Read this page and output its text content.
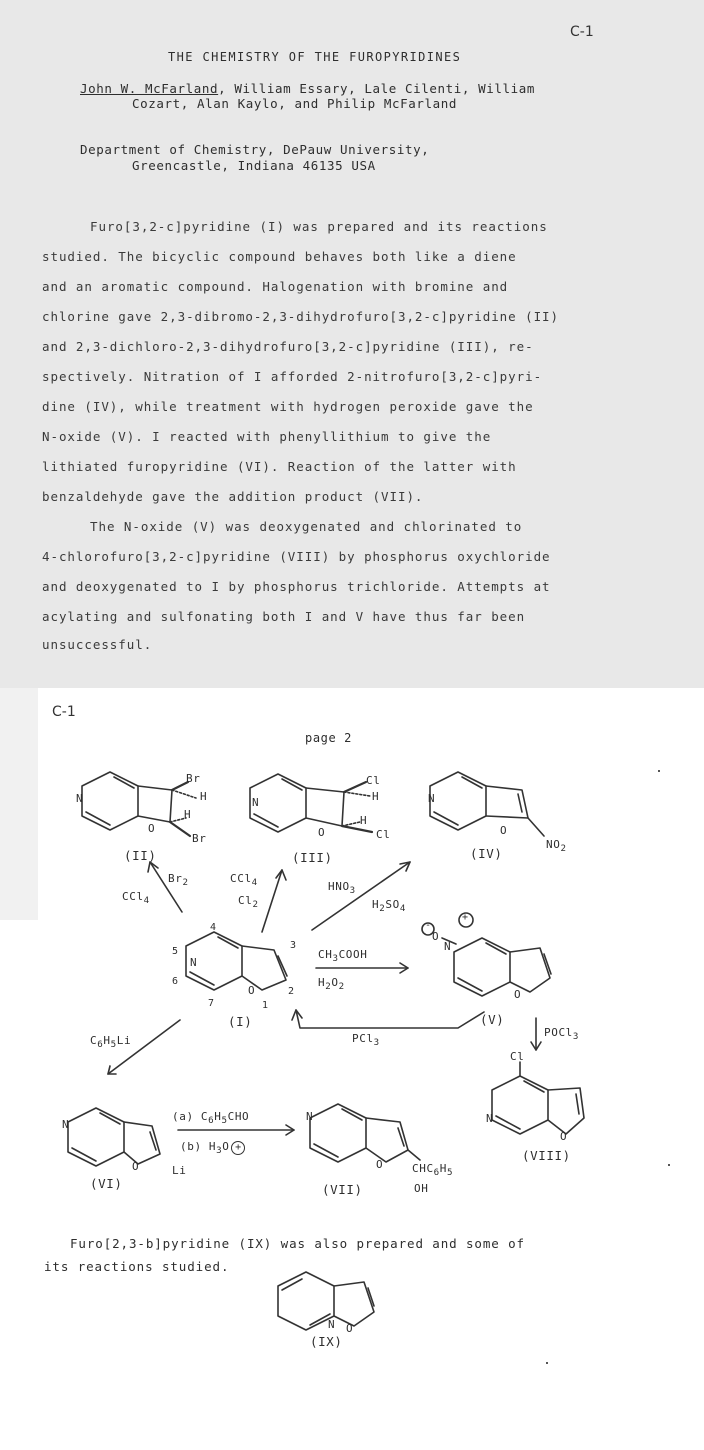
C-1
THE CHEMISTRY OF THE FUROPYRIDINES
John W. McFarland, William Essary, Lale Cilenti, William
Cozart, Alan Kaylo, and Philip McFarland
Department of Chemistry, DePauw University,
Greencastle, Indiana 46135 USA
Furo[3,2-c]pyridine (I) was prepared and its reactions
studied. The bicyclic compound behaves both like a diene
and an aromatic compound. Halogenation with bromine and
chlorine gave 2,3-dibromo-2,3-dihydrofuro[3,2-c]pyridine (II)
and 2,3-dichloro-2,3-dihydrofuro[3,2-c]pyridine (III), re-
spectively. Nitration of I afforded 2-nitrofuro[3,2-c]pyri-
dine (IV), while treatment with hydrogen peroxide gave the
N-oxide (V). I reacted with phenyllithium to give the
lithiated furopyridine (VI). Reaction of the latter with
benzaldehyde gave the addition product (VII).
The N-oxide (V) was deoxygenated and chlorinated to
4-chlorofuro[3,2-c]pyridine (VIII) by phosphorus oxychloride
and deoxygenated to I by phosphorus trichloride. Attempts at
acylating and sulfonating both I and V have thus far been
unsuccessful.
C-1
page 2
(II)	(III)	(IV)
(I)	(V)
(VI)	(VII)
(VIII)
(IX)
N
O
Br
H
H
Br
N
O
Cl
H
H
Cl
N
O
$NO_2$
N
O
4
5
6
7
3
2
1
N
O
-
+
O
Cl
N
O
N
O	Li
N
O	$CHC_6H_5$
OH
N O
CCl$_4$
$Br_2$	CCl$_4$
$Cl_2$
$HNO_3$
$H_2SO_4$
$CH_3COOH$
$H_2O_2$
PCl$_3$
POCl$_3$
$C_6H_5Li$
(a) $C_6H_5CHO$
(b) $H_3O$ +
Furo[2,3-b]pyridine (IX) was also prepared and some of
its reactions studied.
